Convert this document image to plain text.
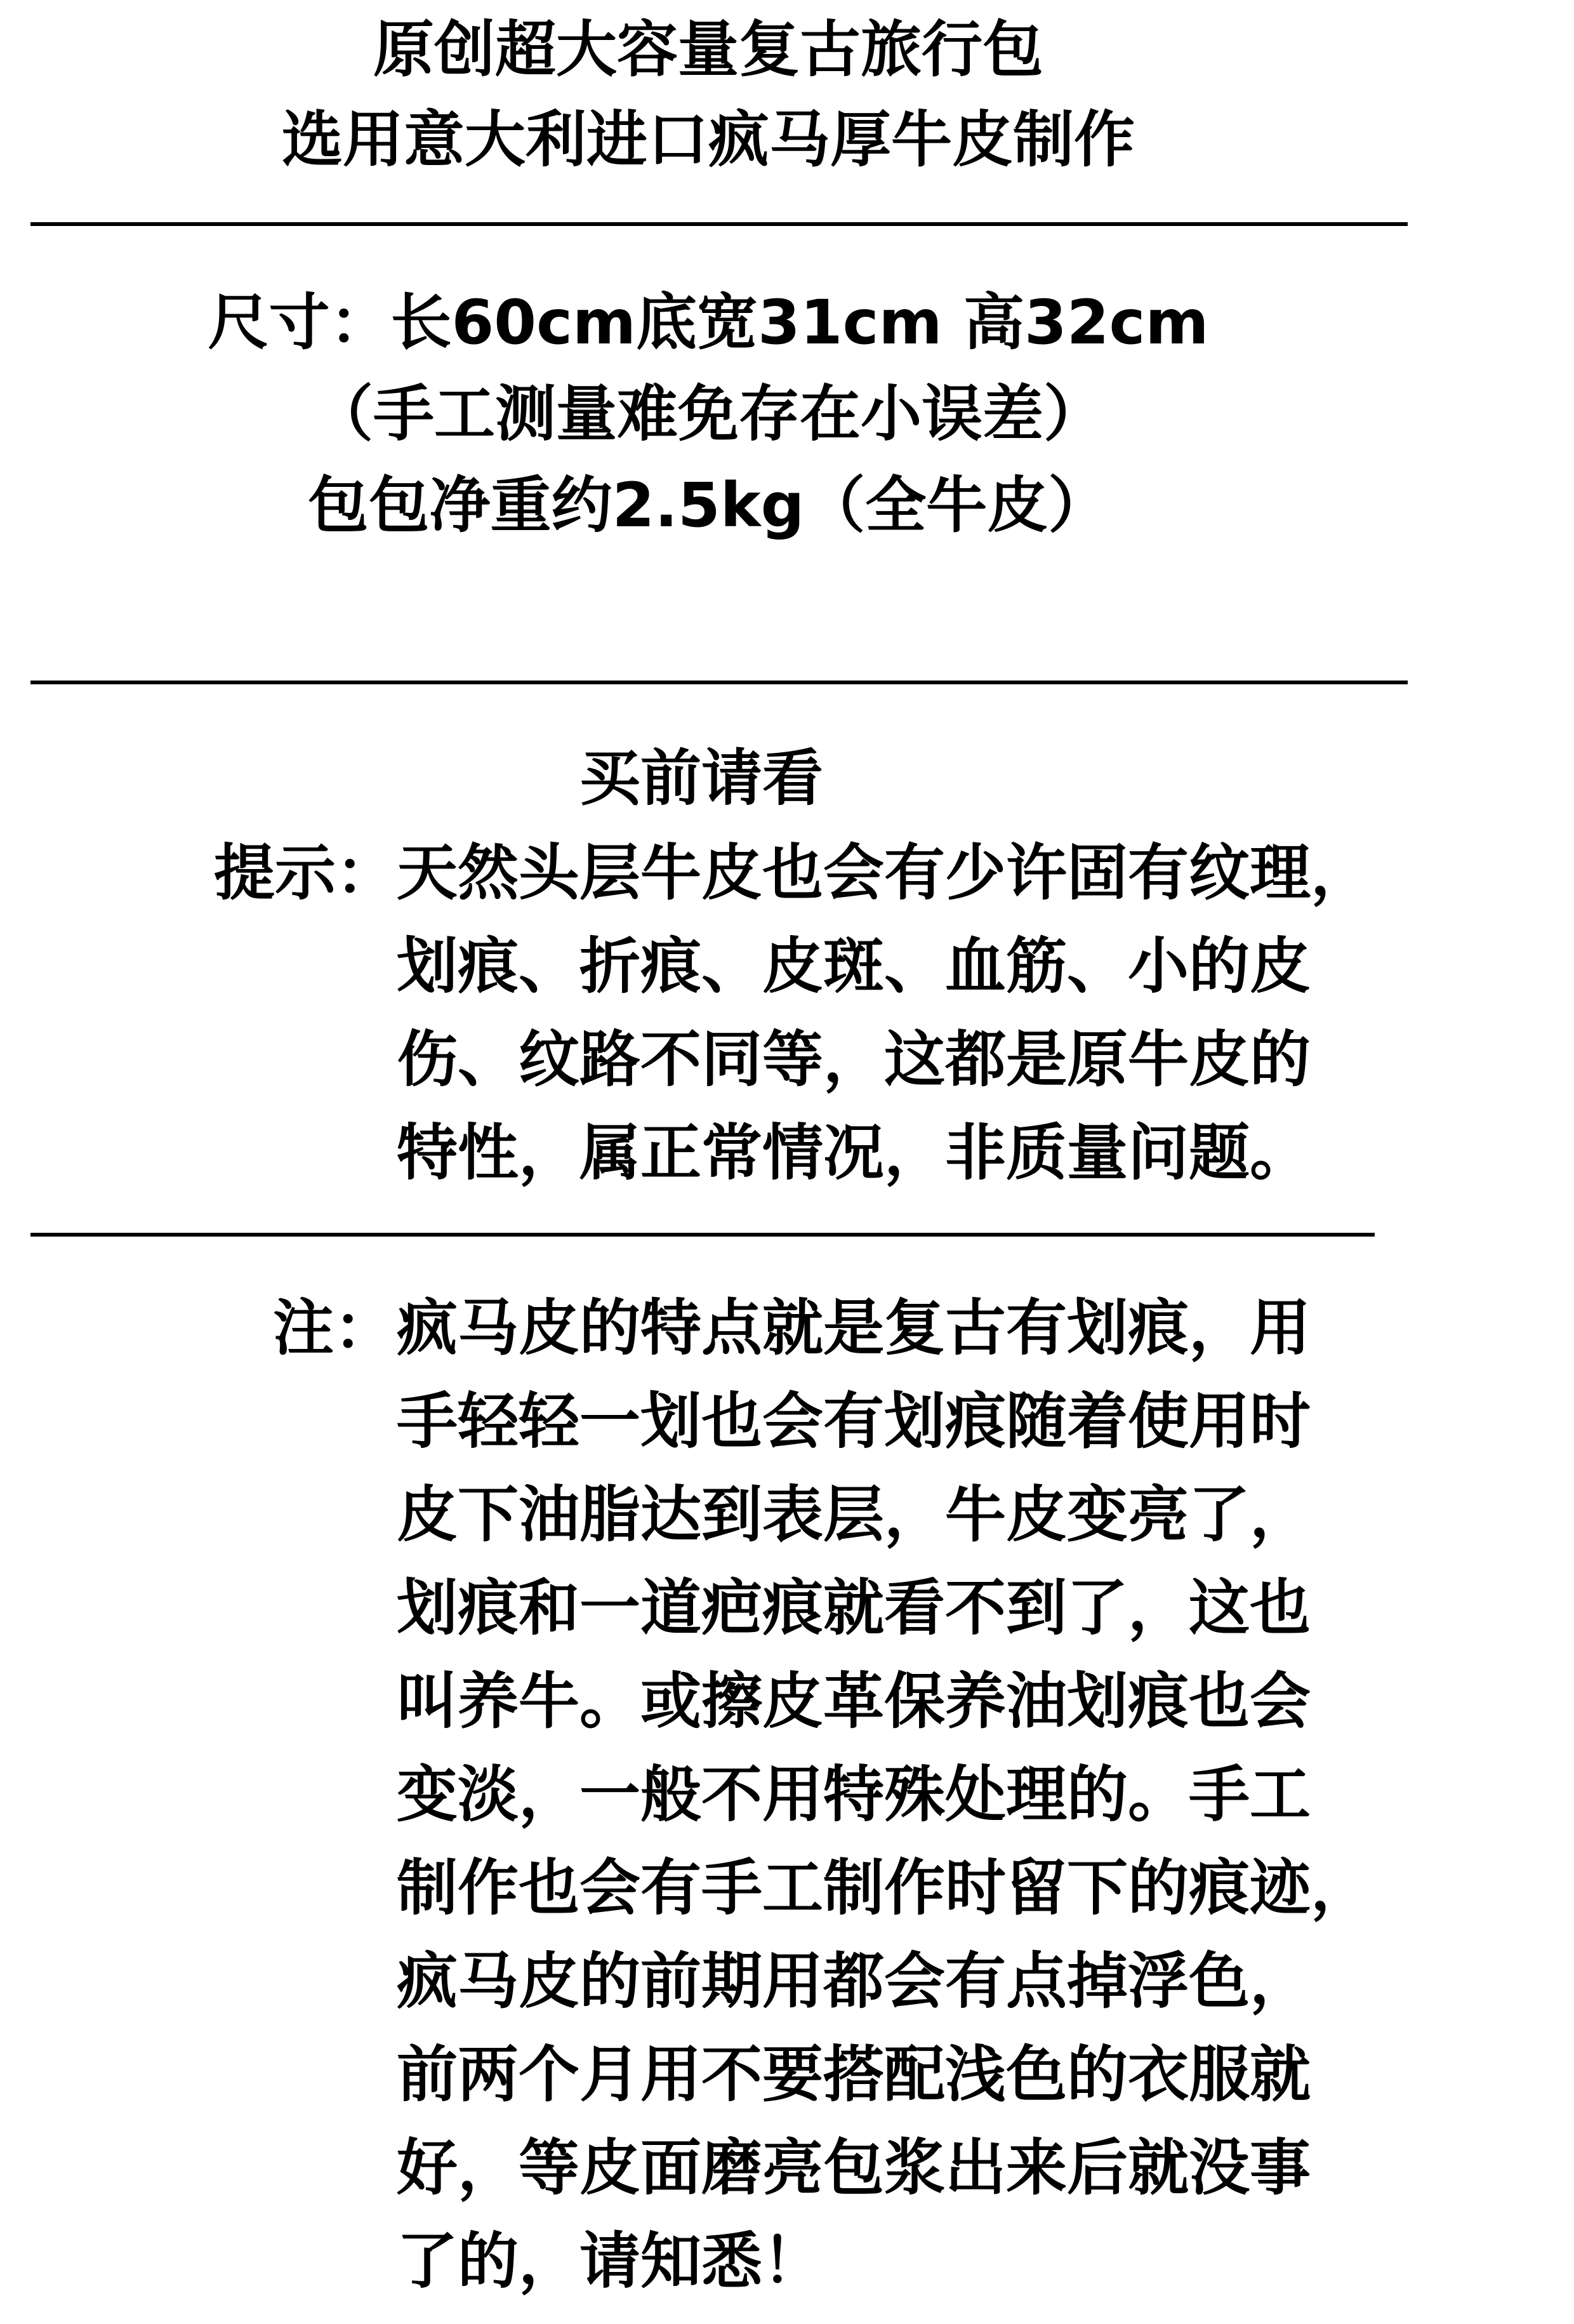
原创超大容量复古旅行包
选用意大利进口疯马厚牛皮制作
尺寸：长60cm底宽31cm 高32cm
（手工测量难免存在小误差）
包包净重约2.5kg（全牛皮）
买前请看
提示： 天然头层牛皮也会有少许固有纹理，
划痕、折痕、皮斑、血筋、小的皮
伤、纹路不同等，这都是原牛皮的
特性，属正常情况，非质量问题。
注： 疯马皮的特点就是复古有划痕，用
手轻轻一划也会有划痕随着使用时
皮下油脂达到表层，牛皮变亮了，
划痕和一道疤痕就看不到了，这也
叫养牛。或擦皮革保养油划痕也会
变淡，一般不用特殊处理的。手工
制作也会有手工制作时留下的痕迹，
疯马皮的前期用都会有点掉浮色，
前两个月用不要搭配浅色的衣服就
好，等皮面磨亮包浆出来后就没事
了的，请知悉！
